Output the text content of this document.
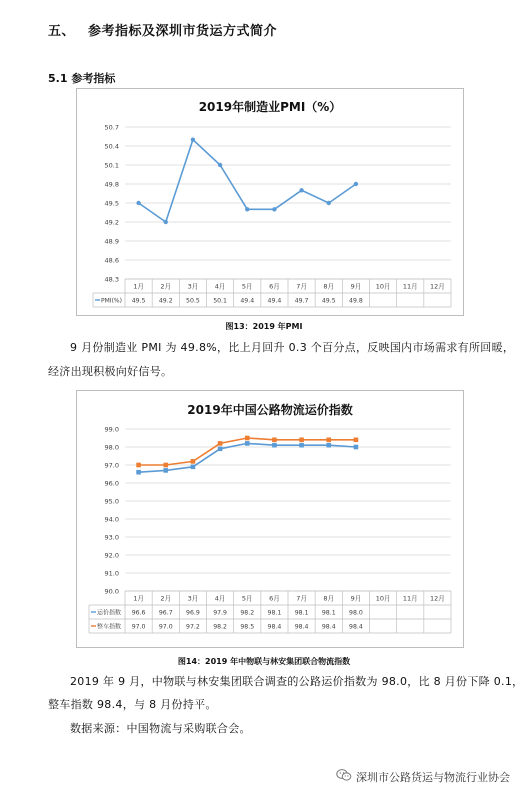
五、 参考指标及深圳市货运方式简介
5.1 参考指标
2019年制造业PMI（%）
50.7
50.4
50.1
49.8
49.5
49.2
48.9
48.6
48.3
1月	2月	3月	4月	5月	6月	7月	8月	9月 10月 11月 12月
PMI(%) 49.5 49.2 50.5 50.1 49.4 49.4 49.7 49.5 49.8
图13：2019 年PMI
9 月份制造业 PMI 为 49.8%，比上月回升 0.3 个百分点，反映国内市场需求有所回暖，
经济出现积极向好信号。
2019年中国公路物流运价指数
99.0
98.0
97.0
96.0
95.0
94.0
93.0
92.0
91.0
90.0
1月	2月	3月	4月	5月	6月	7月	8月	9月 10月 11月 12月
运价指数 96.6 96.7 96.9 97.9 98.2 98.1 98.1 98.1 98.0
整车指数 97.0 97.0 97.2 98.2 98.5 98.4 98.4 98.4 98.4
图14：2019 年中物联与林安集团联合物流指数
2019 年 9 月，中物联与林安集团联合调查的公路运价指数为 98.0，比 8 月份下降 0.1，
整车指数 98.4，与 8 月份持平。
数据来源：中国物流与采购联合会。
深圳市公路货运与物流行业协会
